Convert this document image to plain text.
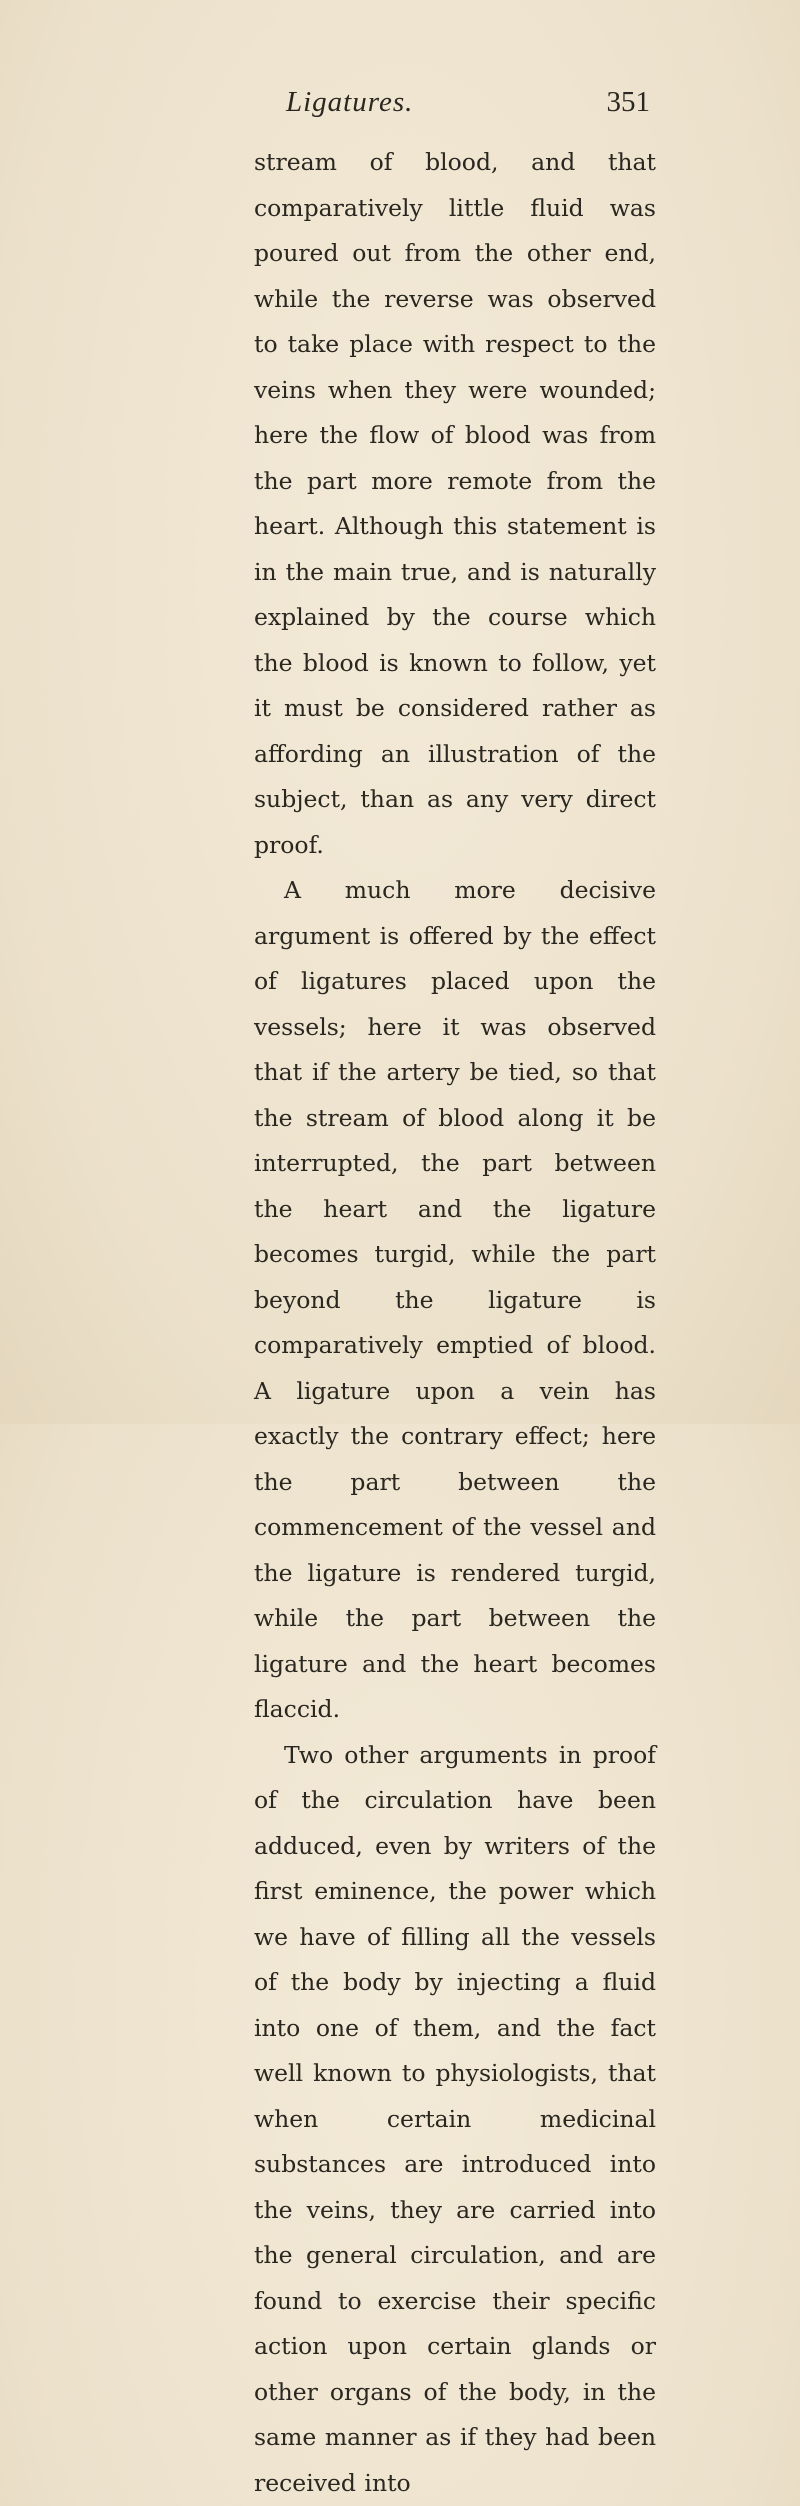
Ligatures.	351

stream of blood, and that comparatively little fluid was poured out from the other end, while the reverse was observed to take place with respect to the veins when they were wounded; here the flow of blood was from the part more remote from the heart. Although this statement is in the main true, and is naturally explained by the course which the blood is known to follow, yet it must be considered rather as affording an illustration of the subject, than as any very direct proof.

A much more decisive argument is offered by the effect of ligatures placed upon the vessels; here it was observed that if the artery be tied, so that the stream of blood along it be interrupted, the part between the heart and the ligature becomes turgid, while the part beyond the ligature is comparatively emptied of blood. A ligature upon a vein has exactly the contrary effect; here the part between the commencement of the vessel and the ligature is rendered turgid, while the part between the ligature and the heart becomes flaccid.

Two other arguments in proof of the circulation have been adduced, even by writers of the first eminence, the power which we have of filling all the vessels of the body by injecting a fluid into one of them, and the fact well known to physiologists, that when certain medicinal substances are introduced into the veins, they are carried into the general circulation, and are found to exercise their specific action upon certain glands or other organs of the body, in the same manner as if they had been received into
